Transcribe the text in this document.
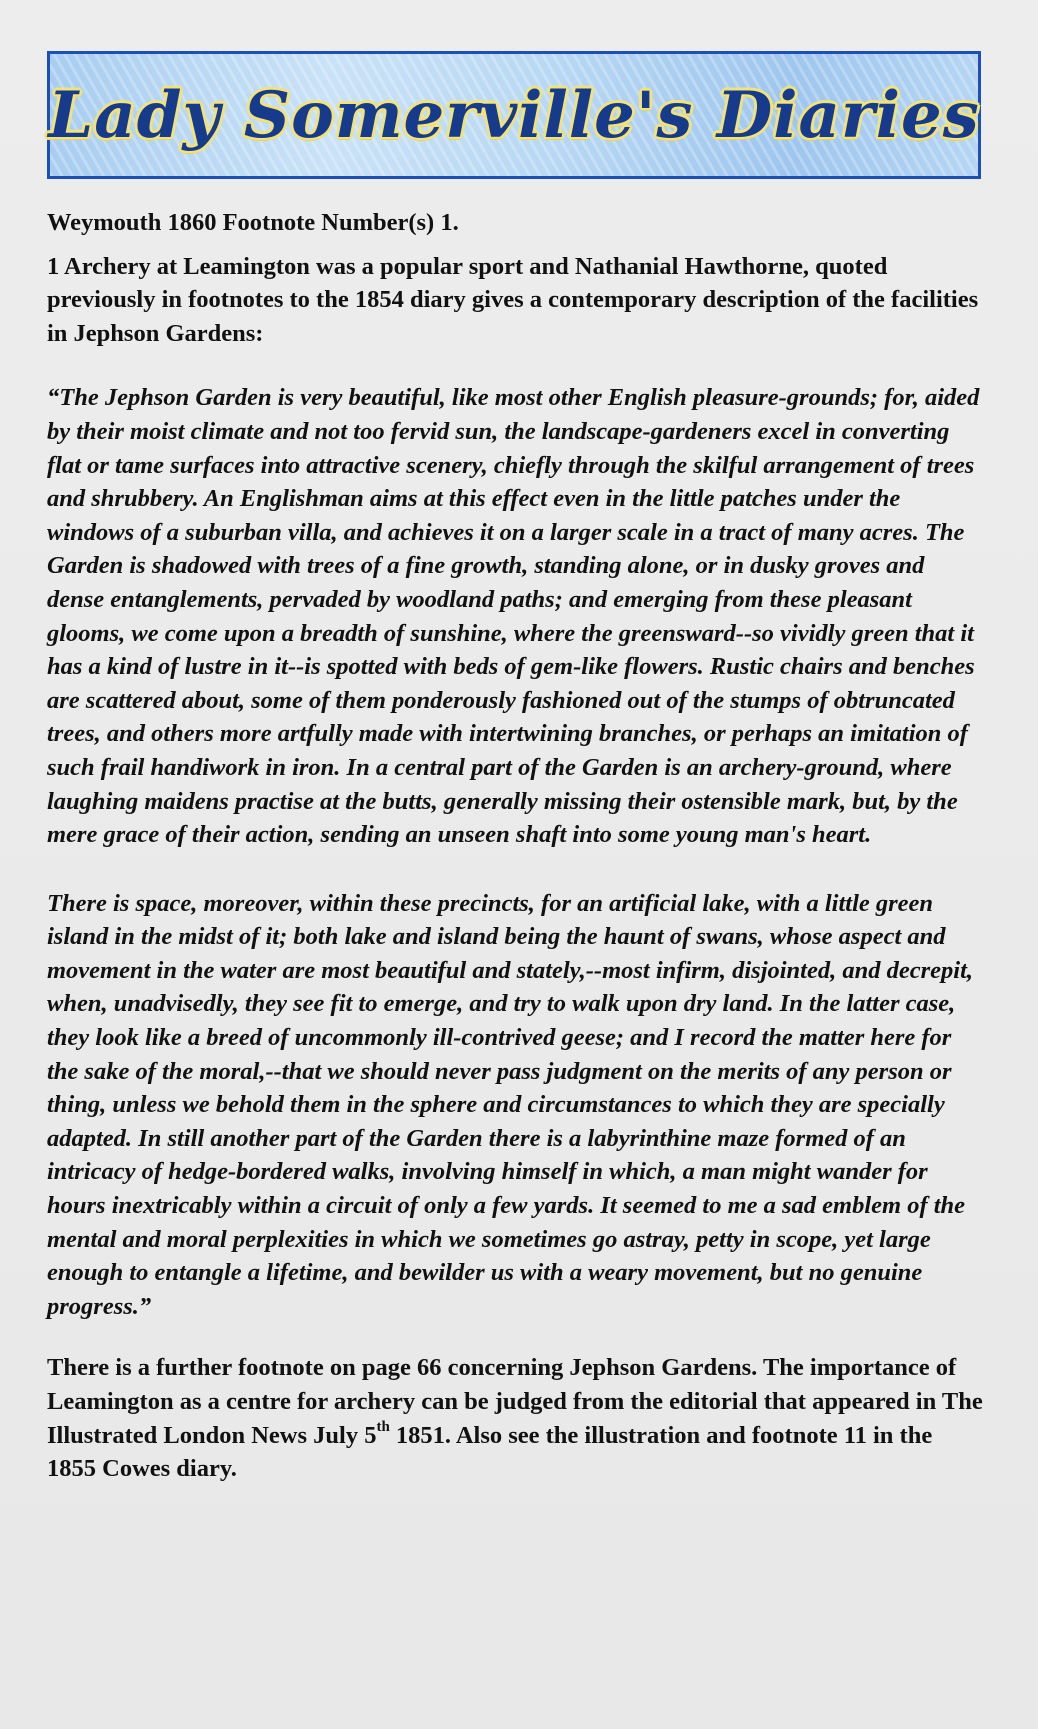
Lady Somerville's Diaries

Weymouth 1860 Footnote Number(s) 1.

1 Archery at Leamington was a popular sport and Nathanial Hawthorne, quoted previously in footnotes to the 1854 diary gives a contemporary description of the facilities in Jephson Gardens:

“The Jephson Garden is very beautiful, like most other English pleasure-grounds; for, aided by their moist climate and not too fervid sun, the landscape-gardeners excel in converting flat or tame surfaces into attractive scenery, chiefly through the skilful arrangement of trees and shrubbery. An Englishman aims at this effect even in the little patches under the windows of a suburban villa, and achieves it on a larger scale in a tract of many acres. The Garden is shadowed with trees of a fine growth, standing alone, or in dusky groves and dense entanglements, pervaded by woodland paths; and emerging from these pleasant glooms, we come upon a breadth of sunshine, where the greensward--so vividly green that it has a kind of lustre in it--is spotted with beds of gem-like flowers. Rustic chairs and benches are scattered about, some of them ponderously fashioned out of the stumps of obtruncated trees, and others more artfully made with intertwining branches, or perhaps an imitation of such frail handiwork in iron. In a central part of the Garden is an archery-ground, where laughing maidens practise at the butts, generally missing their ostensible mark, but, by the mere grace of their action, sending an unseen shaft into some young man's heart.

There is space, moreover, within these precincts, for an artificial lake, with a little green island in the midst of it; both lake and island being the haunt of swans, whose aspect and movement in the water are most beautiful and stately,--most infirm, disjointed, and decrepit, when, unadvisedly, they see fit to emerge, and try to walk upon dry land. In the latter case, they look like a breed of uncommonly ill-contrived geese; and I record the matter here for the sake of the moral,--that we should never pass judgment on the merits of any person or thing, unless we behold them in the sphere and circumstances to which they are specially adapted. In still another part of the Garden there is a labyrinthine maze formed of an intricacy of hedge-bordered walks, involving himself in which, a man might wander for hours inextricably within a circuit of only a few yards. It seemed to me a sad emblem of the mental and moral perplexities in which we sometimes go astray, petty in scope, yet large enough to entangle a lifetime, and bewilder us with a weary movement, but no genuine progress.”

There is a further footnote on page 66 concerning Jephson Gardens. The importance of Leamington as a centre for archery can be judged from the editorial that appeared in The Illustrated London News July 5th 1851. Also see the illustration and footnote 11 in the 1855 Cowes diary.
